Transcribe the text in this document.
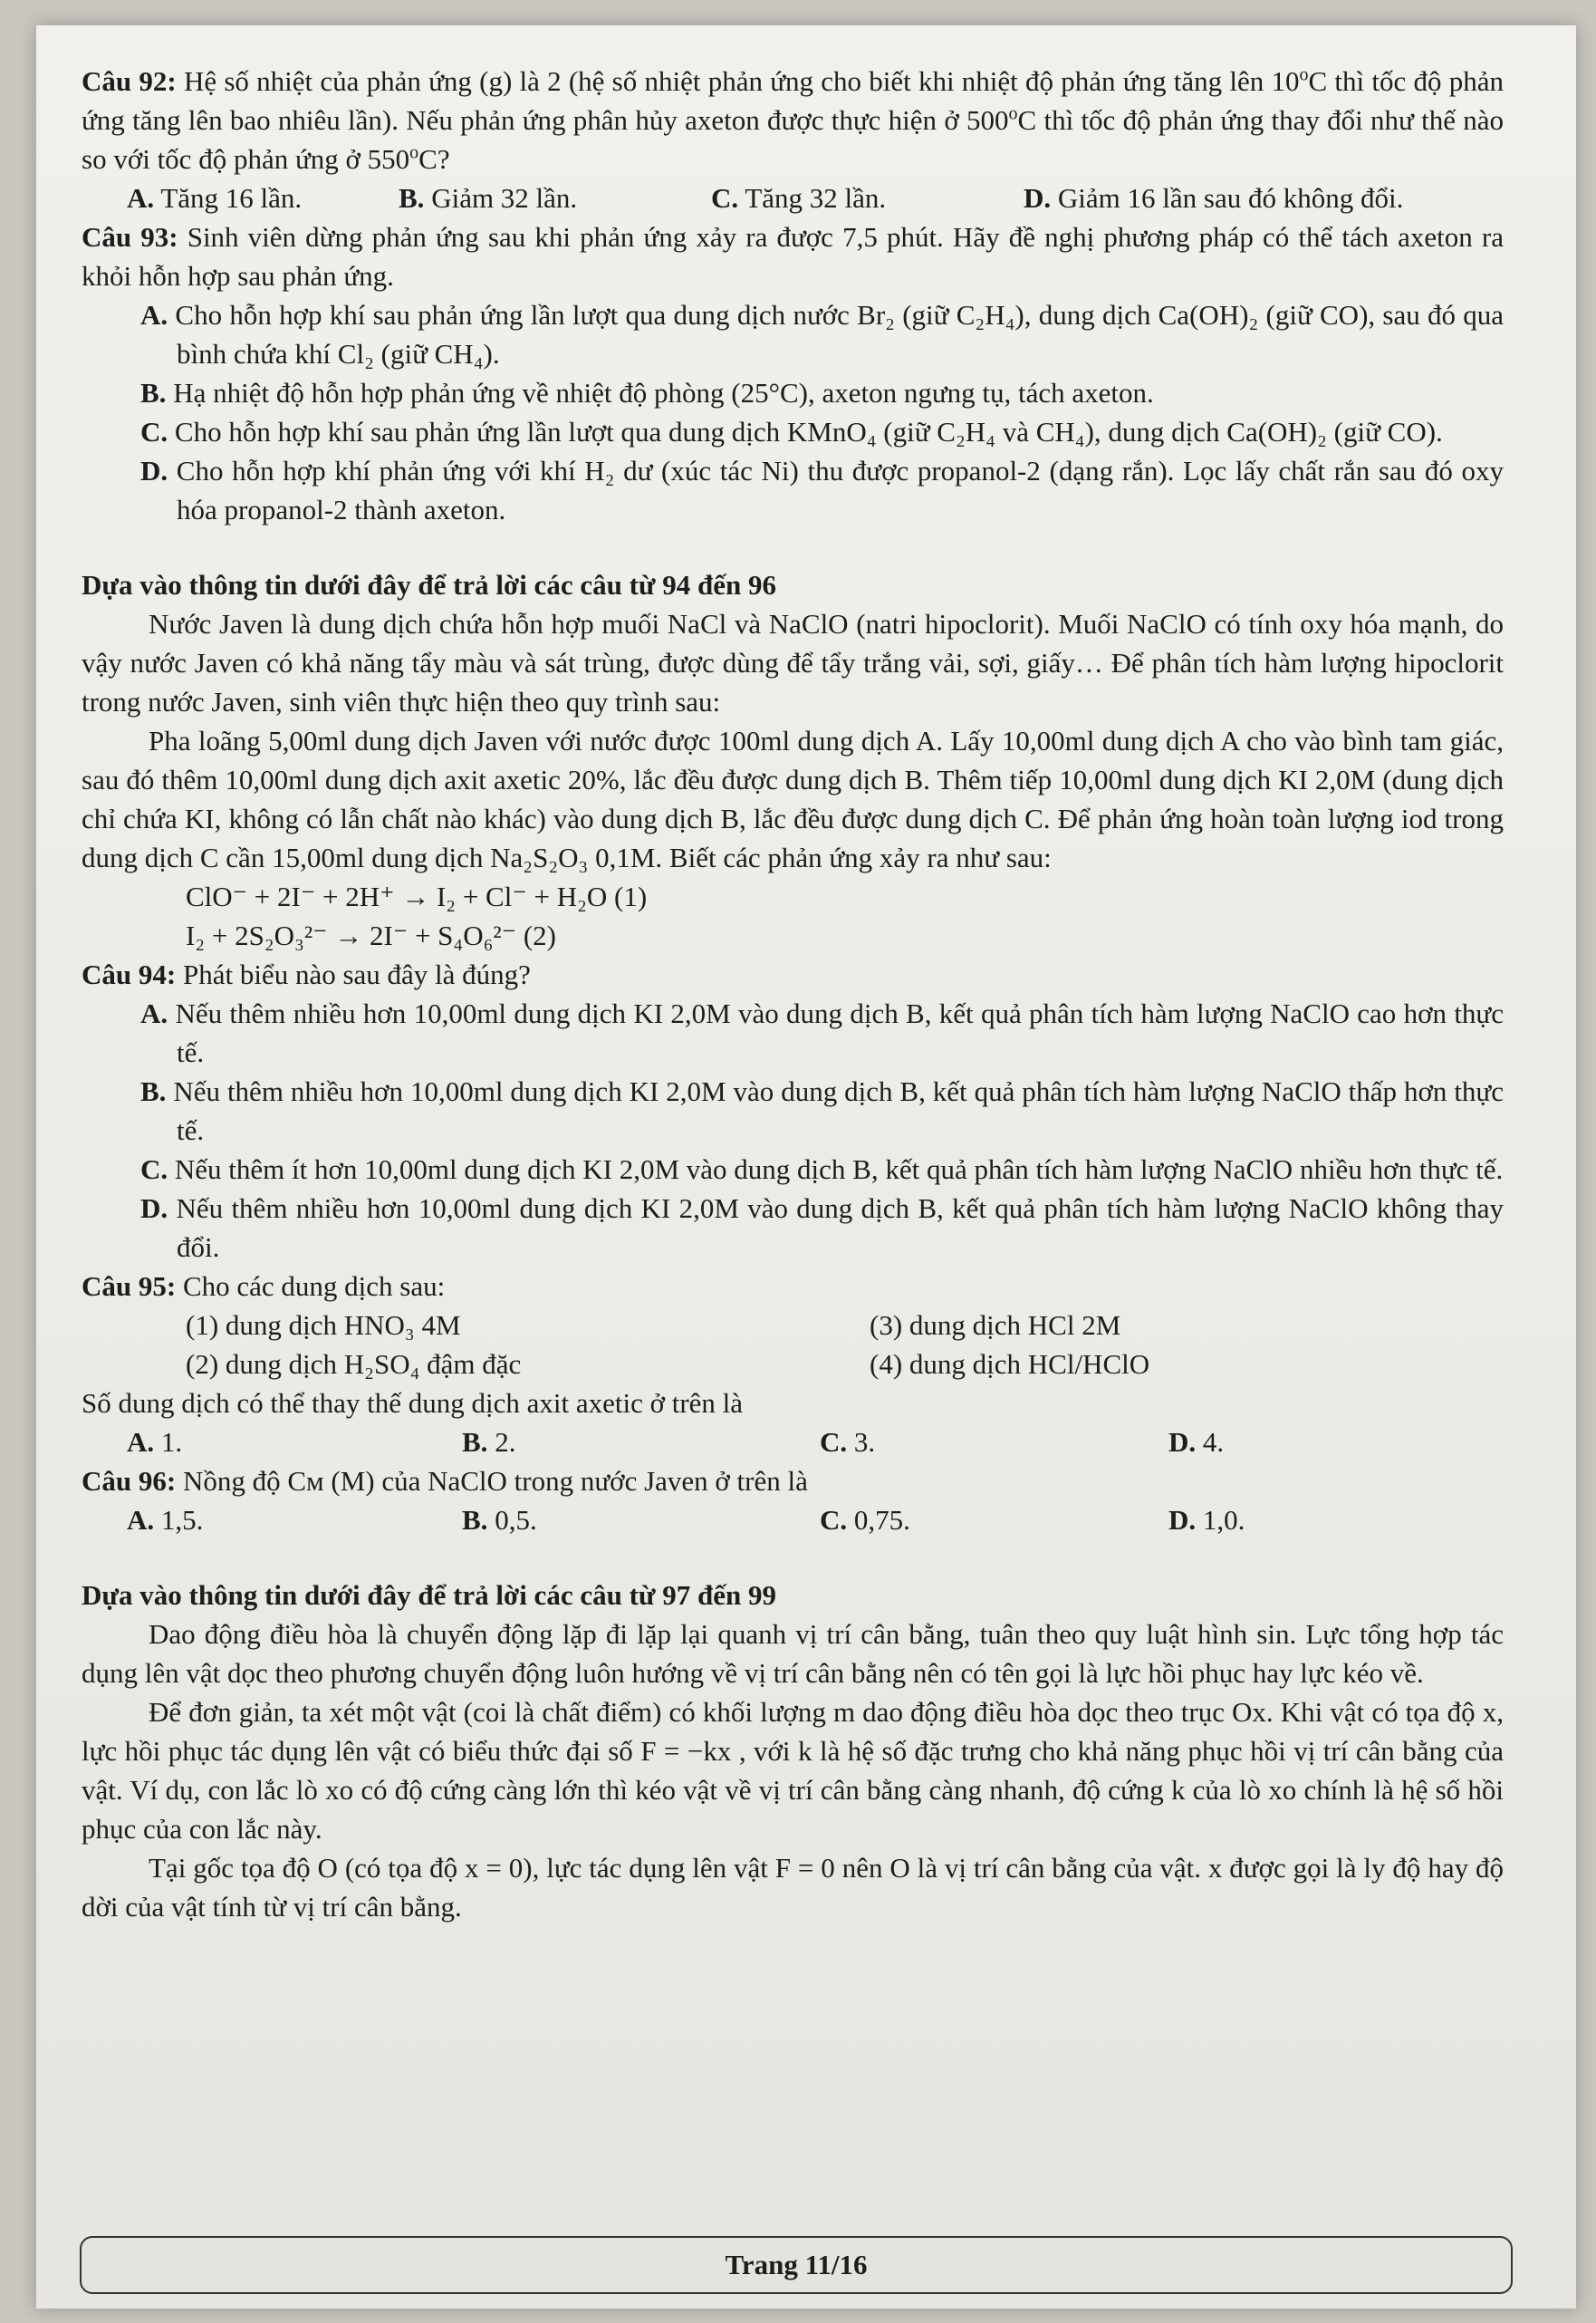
Câu 92: Hệ số nhiệt của phản ứng (g) là 2 (hệ số nhiệt phản ứng cho biết khi nhiệt độ phản ứng tăng lên 10$^o$C thì tốc độ phản ứng tăng lên bao nhiêu lần). Nếu phản ứng phân hủy axeton được thực hiện ở 500$^o$C thì tốc độ phản ứng thay đổi như thế nào so với tốc độ phản ứng ở 550$^o$C?

A. Tăng 16 lần.	B. Giảm 32 lần.	C. Tăng 32 lần.	D. Giảm 16 lần sau đó không đổi.

Câu 93: Sinh viên dừng phản ứng sau khi phản ứng xảy ra được 7,5 phút. Hãy đề nghị phương pháp có thể tách axeton ra khỏi hỗn hợp sau phản ứng.

A. Cho hỗn hợp khí sau phản ứng lần lượt qua dung dịch nước Br₂ (giữ C₂H₄), dung dịch Ca(OH)₂ (giữ CO), sau đó qua bình chứa khí Cl₂ (giữ CH₄).

B. Hạ nhiệt độ hỗn hợp phản ứng về nhiệt độ phòng (25°C), axeton ngưng tụ, tách axeton.

C. Cho hỗn hợp khí sau phản ứng lần lượt qua dung dịch KMnO₄ (giữ C₂H₄ và CH₄), dung dịch Ca(OH)₂ (giữ CO).

D. Cho hỗn hợp khí phản ứng với khí H₂ dư (xúc tác Ni) thu được propanol-2 (dạng rắn). Lọc lấy chất rắn sau đó oxy hóa propanol-2 thành axeton.

Dựa vào thông tin dưới đây để trả lời các câu từ 94 đến 96

Nước Javen là dung dịch chứa hỗn hợp muối NaCl và NaClO (natri hipoclorit). Muối NaClO có tính oxy hóa mạnh, do vậy nước Javen có khả năng tẩy màu và sát trùng, được dùng để tẩy trắng vải, sợi, giấy… Để phân tích hàm lượng hipoclorit trong nước Javen, sinh viên thực hiện theo quy trình sau:

Pha loãng 5,00ml dung dịch Javen với nước được 100ml dung dịch A. Lấy 10,00ml dung dịch A cho vào bình tam giác, sau đó thêm 10,00ml dung dịch axit axetic 20%, lắc đều được dung dịch B. Thêm tiếp 10,00ml dung dịch KI 2,0M (dung dịch chỉ chứa KI, không có lẫn chất nào khác) vào dung dịch B, lắc đều được dung dịch C. Để phản ứng hoàn toàn lượng iod trong dung dịch C cần 15,00ml dung dịch Na₂S₂O₃ 0,1M. Biết các phản ứng xảy ra như sau:

ClO⁻ + 2I⁻ + 2H⁺ → I₂ + Cl⁻ + H₂O (1)

I₂ + 2S₂O₃²⁻ → 2I⁻ + S₄O₆²⁻ (2)

Câu 94: Phát biểu nào sau đây là đúng?

A. Nếu thêm nhiều hơn 10,00ml dung dịch KI 2,0M vào dung dịch B, kết quả phân tích hàm lượng NaClO cao hơn thực tế.

B. Nếu thêm nhiều hơn 10,00ml dung dịch KI 2,0M vào dung dịch B, kết quả phân tích hàm lượng NaClO thấp hơn thực tế.

C. Nếu thêm ít hơn 10,00ml dung dịch KI 2,0M vào dung dịch B, kết quả phân tích hàm lượng NaClO nhiều hơn thực tế.

D. Nếu thêm nhiều hơn 10,00ml dung dịch KI 2,0M vào dung dịch B, kết quả phân tích hàm lượng NaClO không thay đổi.

Câu 95: Cho các dung dịch sau:

(1) dung dịch HNO₃ 4M	(3) dung dịch HCl 2M
(2) dung dịch H₂SO₄ đậm đặc	(4) dung dịch HCl/HClO

Số dung dịch có thể thay thế dung dịch axit axetic ở trên là

A. 1.	B. 2.	C. 3.	D. 4.

Câu 96: Nồng độ Cᴍ (M) của NaClO trong nước Javen ở trên là

A. 1,5.	B. 0,5.	C. 0,75.	D. 1,0.

Dựa vào thông tin dưới đây để trả lời các câu từ 97 đến 99

Dao động điều hòa là chuyển động lặp đi lặp lại quanh vị trí cân bằng, tuân theo quy luật hình sin. Lực tổng hợp tác dụng lên vật dọc theo phương chuyển động luôn hướng về vị trí cân bằng nên có tên gọi là lực hồi phục hay lực kéo về.

Để đơn giản, ta xét một vật (coi là chất điểm) có khối lượng m dao động điều hòa dọc theo trục Ox. Khi vật có tọa độ x, lực hồi phục tác dụng lên vật có biểu thức đại số F = −kx , với k là hệ số đặc trưng cho khả năng phục hồi vị trí cân bằng của vật. Ví dụ, con lắc lò xo có độ cứng càng lớn thì kéo vật về vị trí cân bằng càng nhanh, độ cứng k của lò xo chính là hệ số hồi phục của con lắc này.

Tại gốc tọa độ O (có tọa độ x = 0), lực tác dụng lên vật F = 0 nên O là vị trí cân bằng của vật. x được gọi là ly độ hay độ dời của vật tính từ vị trí cân bằng.

Trang 11/16
